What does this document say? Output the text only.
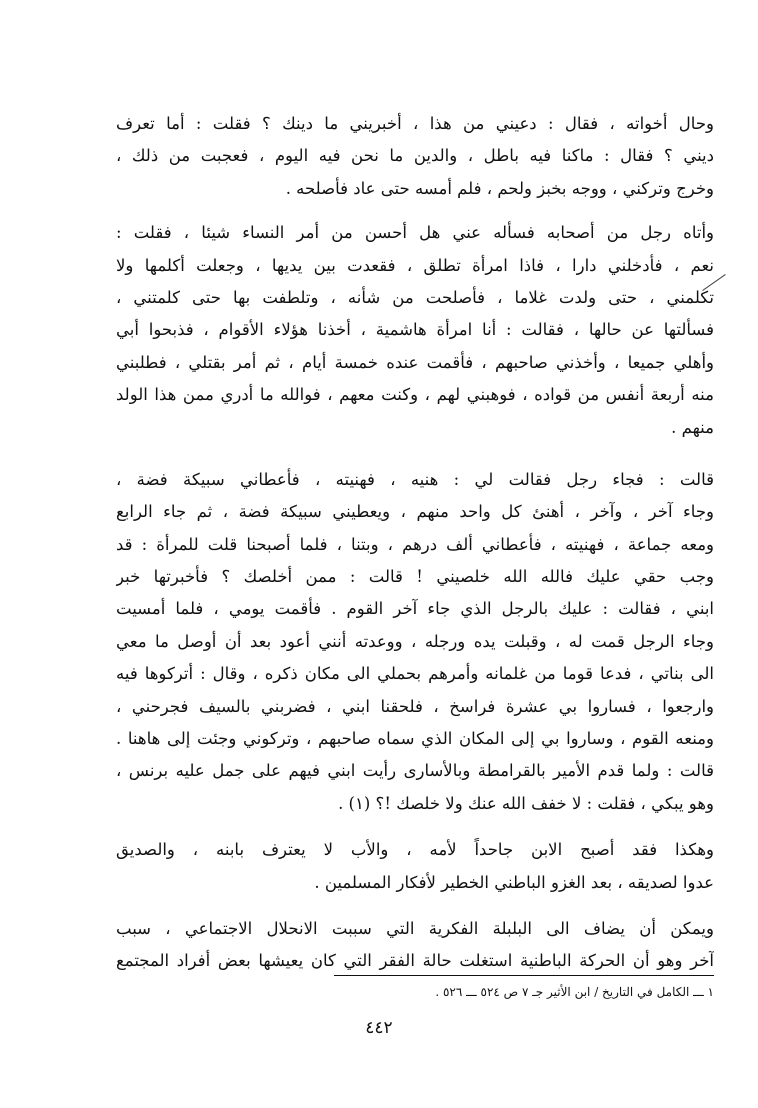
وحال أخواته ، فقال : دعيني من هذا ، أخبريني ما دينك ؟ فقلت : أما تعرف
ديني ؟ فقال : ماكنا فيه باطل ، والدين ما نحن فيه اليوم ، فعجبت من ذلك ،
وخرج وتركني ، ووجه بخبز ولحم ، فلم أمسه حتى عاد فأصلحه .
وأتاه رجل من أصحابه فسأله عني هل أحسن من أمر النساء شيئا ، فقلت :
نعم ، فأدخلني دارا ، فاذا امرأة تطلق ، فقعدت بين يديها ، وجعلت أكلمها ولا
تكلمني ، حتى ولدت غلاما ، فأصلحت من شأنه ، وتلطفت بها حتى كلمتني ،
فسألتها عن حالها ، فقالت : أنا امرأة هاشمية ، أخذنا هؤلاء الأقوام ، فذبحوا أبي
وأهلي جميعا ، وأخذني صاحبهم ، فأقمت عنده خمسة أيام ، ثم أمر بقتلي ، فطلبني
منه أربعة أنفس من قواده ، فوهبني لهم ، وكنت معهم ، فوالله ما أدري ممن هذا الولد
منهم .
قالت : فجاء رجل فقالت لي : هنيه ، فهنيته ، فأعطاني سبيكة فضة ،
وجاء آخر ، وآخر ، أهنئ كل واحد منهم ، ويعطيني سبيكة فضة ، ثم جاء الرابع
ومعه جماعة ، فهنيته ، فأعطاني ألف درهم ، وبتنا ، فلما أصبحنا قلت للمرأة : قد
وجب حقي عليك فالله الله خلصيني ! قالت : ممن أخلصك ؟ فأخبرتها خبر
ابني ، فقالت : عليك بالرجل الذي جاء آخر القوم . فأقمت يومي ، فلما أمسيت
وجاء الرجل قمت له ، وقبلت يده ورجله ، ووعدته أنني أعود بعد أن أوصل ما معي
الى بناتي ، فدعا قوما من غلمانه وأمرهم بحملي الى مكان ذكره ، وقال : أتركوها فيه
وارجعوا ، فساروا بي عشرة فراسخ ، فلحقنا ابني ، فضربني بالسيف فجرحني ،
ومنعه القوم ، وساروا بي إلى المكان الذي سماه صاحبهم ، وتركوني وجئت إلى هاهنا .
قالت : ولما قدم الأمير بالقرامطة وبالأسارى رأيت ابني فيهم على جمل عليه برنس ،
وهو يبكي ، فقلت : لا خفف الله عنك ولا خلصك !؟ (١) .
وهكذا فقد أصبح الابن جاحداً لأمه ، والأب لا يعترف بابنه ، والصديق
عدوا لصديقه ، بعد الغزو الباطني الخطير لأفكار المسلمين .
ويمكن أن يضاف الى البلبلة الفكرية التي سببت الانحلال الاجتماعي ، سبب
آخر وهو أن الحركة الباطنية استغلت حالة الفقر التي كان يعيشها بعض أفراد المجتمع
١ ـــ الكامل في التاريخ / ابن الأثير جـ ٧ ص ٥٢٤ ـــ ٥٢٦ .
٤٤٢
